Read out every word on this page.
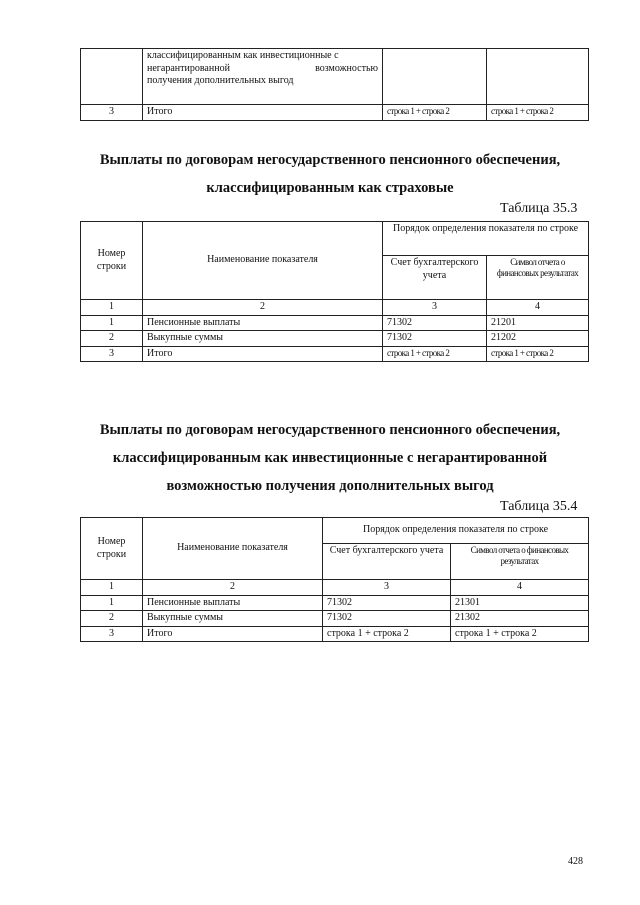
	классифицированным как инвестиционные с
негарантированной возможностью
получения дополнительных выгод		

3	Итого	строка 1 + строка 2	строка 1 + строка 2
Выплаты по договорам негосударственного пенсионного обеспечения,
классифицированным как страховые
Таблица 35.3
Номер строки	Наименование показателя	Порядок определения показателя по строке	
		Счет бухгалтерского учета	Символ отчета о финансовых результатах
1	2	3	4
1	Пенсионные выплаты	71302	21201
2	Выкупные суммы	71302	21202
3	Итого	строка 1 + строка 2	строка 1 + строка 2
Выплаты по договорам негосударственного пенсионного обеспечения,
классифицированным как инвестиционные с негарантированной
возможностью получения дополнительных выгод
Таблица 35.4
Номер строки	Наименование показателя	Порядок определения показателя по строке	
		Счет бухгалтерского учета	Символ отчета о финансовых результатах
1	2	3	4
1	Пенсионные выплаты	71302	21301
2	Выкупные суммы	71302	21302
3	Итого	строка 1 + строка 2	строка 1 + строка 2
428
